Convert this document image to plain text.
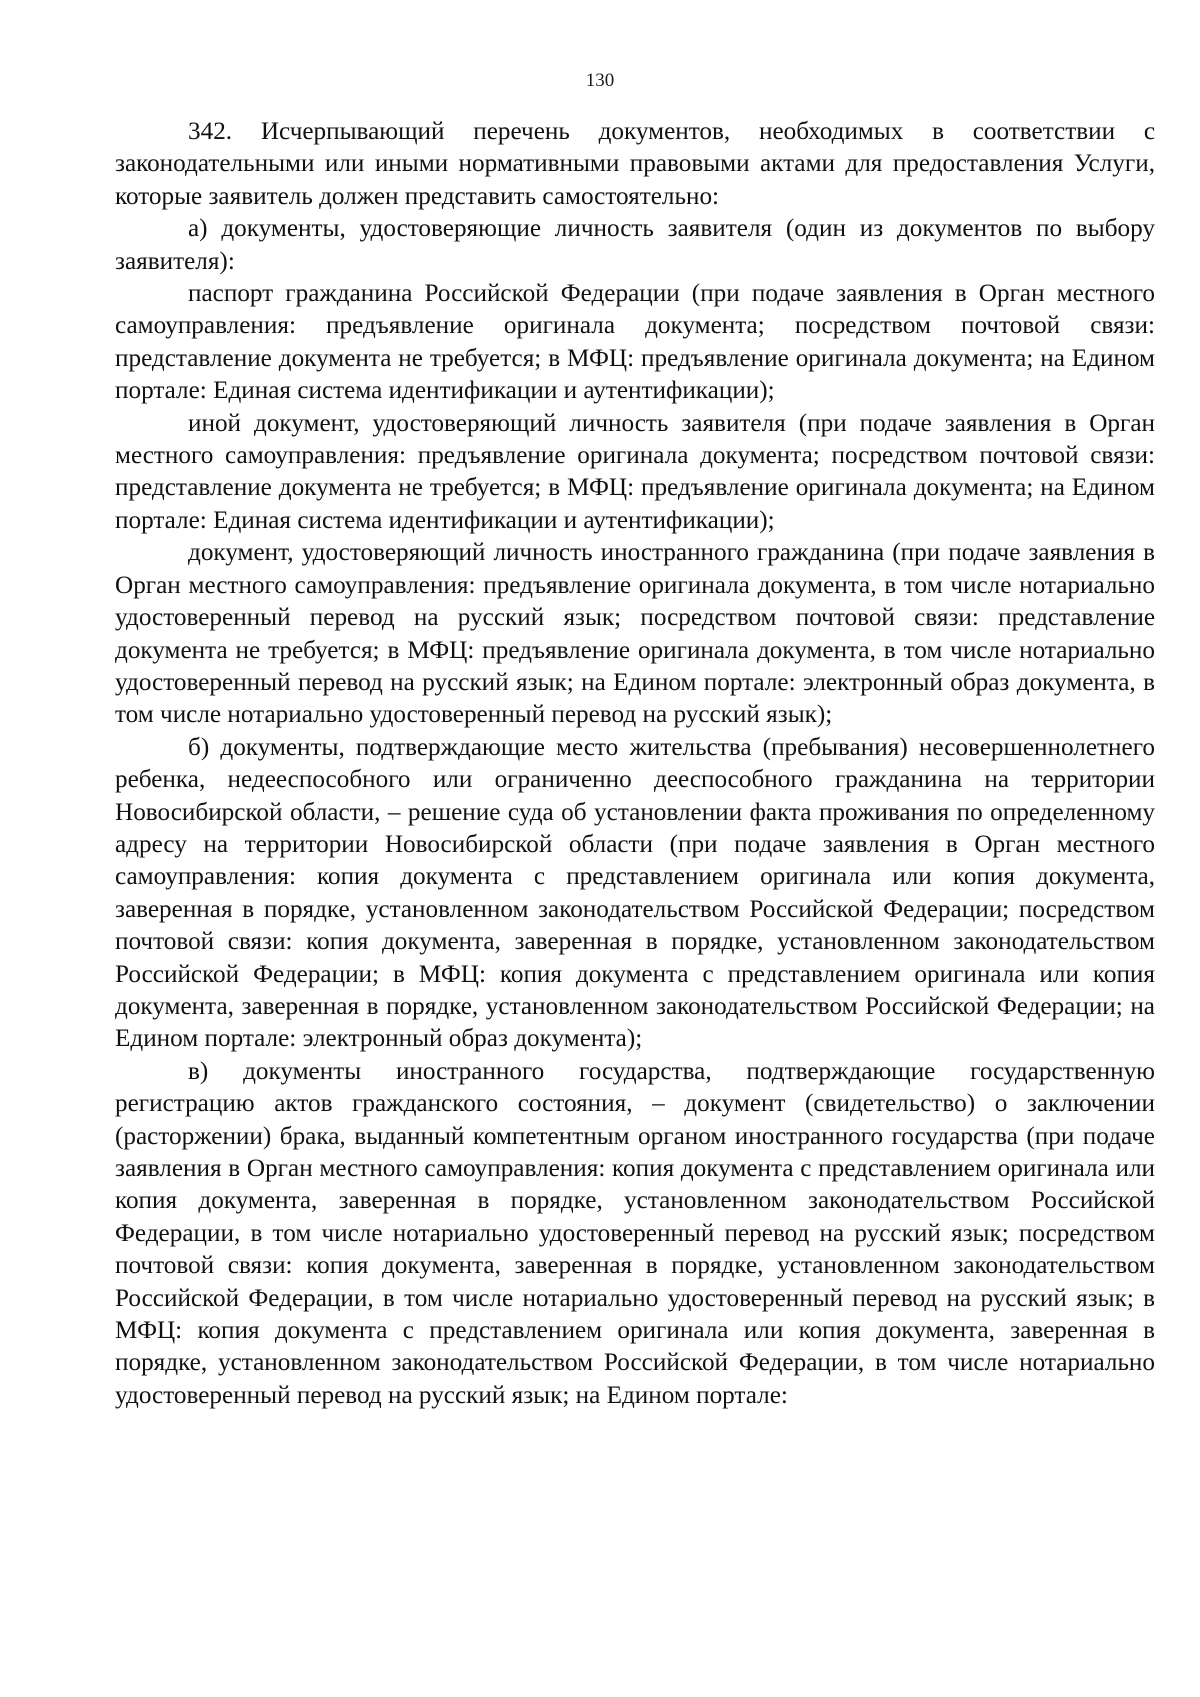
130

342. Исчерпывающий перечень документов, необходимых в соответствии с законодательными или иными нормативными правовыми актами для предоставления Услуги, которые заявитель должен представить самостоятельно:

а) документы, удостоверяющие личность заявителя (один из документов по выбору заявителя):

паспорт гражданина Российской Федерации (при подаче заявления в Орган местного самоуправления: предъявление оригинала документа; посредством почтовой связи: представление документа не требуется; в МФЦ: предъявление оригинала документа; на Едином портале: Единая система идентификации и аутентификации);

иной документ, удостоверяющий личность заявителя (при подаче заявления в Орган местного самоуправления: предъявление оригинала документа; посредством почтовой связи: представление документа не требуется; в МФЦ: предъявление оригинала документа; на Едином портале: Единая система идентификации и аутентификации);

документ, удостоверяющий личность иностранного гражданина (при подаче заявления в Орган местного самоуправления: предъявление оригинала документа, в том числе нотариально удостоверенный перевод на русский язык; посредством почтовой связи: представление документа не требуется; в МФЦ: предъявление оригинала документа, в том числе нотариально удостоверенный перевод на русский язык; на Едином портале: электронный образ документа, в том числе нотариально удостоверенный перевод на русский язык);

б) документы, подтверждающие место жительства (пребывания) несовершеннолетнего ребенка, недееспособного или ограниченно дееспособного гражданина на территории Новосибирской области, – решение суда об установлении факта проживания по определенному адресу на территории Новосибирской области (при подаче заявления в Орган местного самоуправления: копия документа с представлением оригинала или копия документа, заверенная в порядке, установленном законодательством Российской Федерации; посредством почтовой связи: копия документа, заверенная в порядке, установленном законодательством Российской Федерации; в МФЦ: копия документа с представлением оригинала или копия документа, заверенная в порядке, установленном законодательством Российской Федерации; на Едином портале: электронный образ документа);

в) документы иностранного государства, подтверждающие государственную регистрацию актов гражданского состояния, – документ (свидетельство) о заключении (расторжении) брака, выданный компетентным органом иностранного государства (при подаче заявления в Орган местного самоуправления: копия документа с представлением оригинала или копия документа, заверенная в порядке, установленном законодательством Российской Федерации, в том числе нотариально удостоверенный перевод на русский язык; посредством почтовой связи: копия документа, заверенная в порядке, установленном законодательством Российской Федерации, в том числе нотариально удостоверенный перевод на русский язык; в МФЦ: копия документа с представлением оригинала или копия документа, заверенная в порядке, установленном законодательством Российской Федерации, в том числе нотариально удостоверенный перевод на русский язык; на Едином портале:
